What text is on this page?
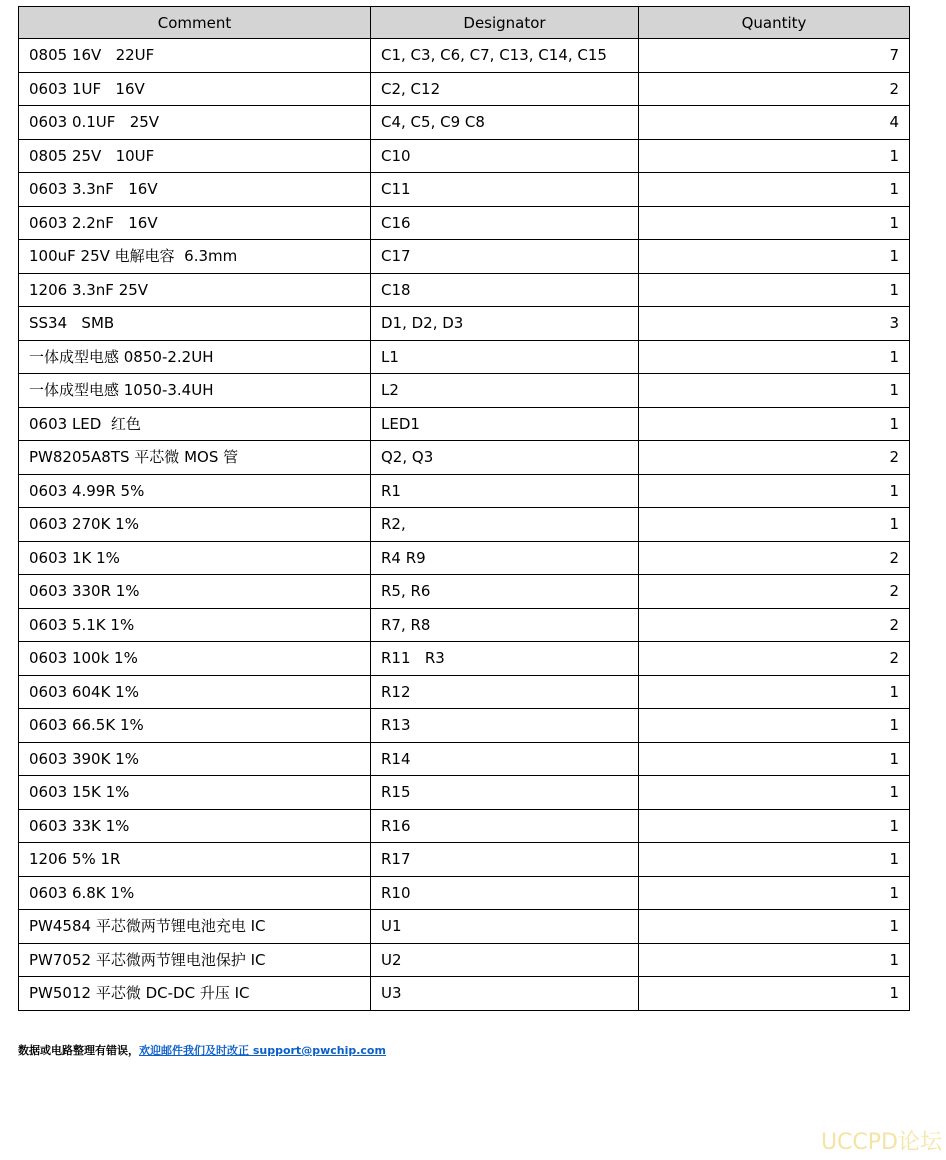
Comment	Designator	Quantity
0805 16V   22UF	C1, C3, C6, C7, C13, C14, C15	7
0603 1UF   16V	C2, C12	2
0603 0.1UF   25V	C4, C5, C9 C8	4
0805 25V   10UF	C10	1
0603 3.3nF   16V	C11	1
0603 2.2nF   16V	C16	1
100uF 25V 电解电容  6.3mm	C17	1
1206 3.3nF 25V	C18	1
SS34   SMB	D1, D2, D3	3
一体成型电感 0850-2.2UH	L1	1
一体成型电感 1050-3.4UH	L2	1
0603 LED  红色	LED1	1
PW8205A8TS 平芯微 MOS 管	Q2, Q3	2
0603 4.99R 5%	R1	1
0603 270K 1%	R2,	1
0603 1K 1%	R4 R9	2
0603 330R 1%	R5, R6	2
0603 5.1K 1%	R7, R8	2
0603 100k 1%	R11   R3	2
0603 604K 1%	R12	1
0603 66.5K 1%	R13	1
0603 390K 1%	R14	1
0603 15K 1%	R15	1
0603 33K 1%	R16	1
1206 5% 1R	R17	1
0603 6.8K 1%	R10	1
PW4584 平芯微两节锂电池充电 IC	U1	1
PW7052 平芯微两节锂电池保护 IC	U2	1
PW5012 平芯微 DC-DC 升压 IC	U3	1
数据或电路整理有错误，欢迎邮件我们及时改正 support@pwchip.com
UCCPD论坛
